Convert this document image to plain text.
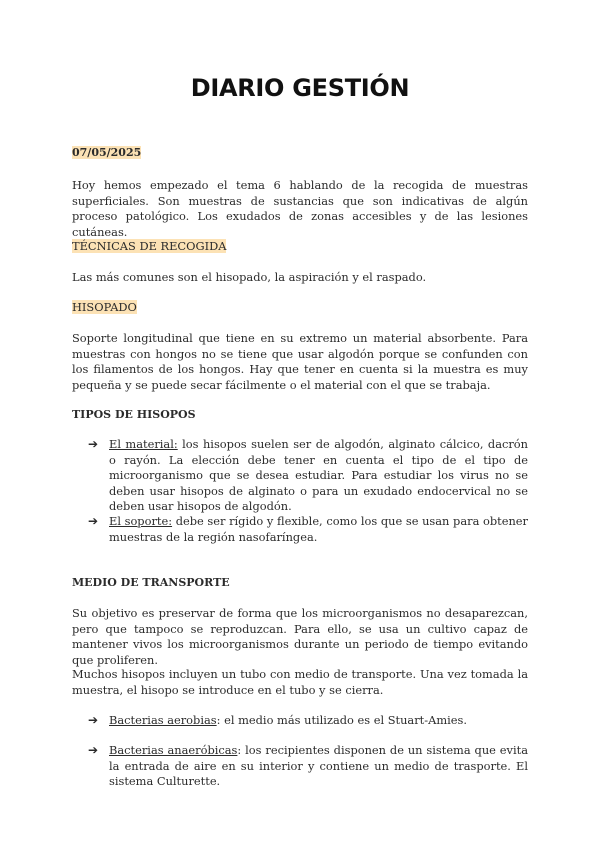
DIARIO GESTIÓN
07/05/2025
Hoy hemos empezado el tema 6 hablando de la recogida de muestras superficiales. Son muestras de sustancias que son indicativas de algún proceso patológico. Los exudados de zonas accesibles y de las lesiones cutáneas.
TÉCNICAS DE RECOGIDA
Las más comunes son el hisopado, la aspiración y el raspado.
HISOPADO
Soporte longitudinal que tiene en su extremo un material absorbente. Para muestras con hongos no se tiene que usar algodón porque se confunden con los filamentos de los hongos. Hay que tener en cuenta si la muestra es muy pequeña y se puede secar fácilmente o el material con el que se trabaja.
TIPOS DE HISOPOS
➔ El material: los hisopos suelen ser de algodón, alginato cálcico, dacrón o rayón. La elección debe tener en cuenta el tipo de el tipo de microorganismo que se desea estudiar. Para estudiar los virus no se deben usar hisopos de alginato o para un exudado endocervical no se deben usar hisopos de algodón.
➔ El soporte: debe ser rígido y flexible, como los que se usan para obtener muestras de la región nasofaríngea.
MEDIO DE TRANSPORTE
Su objetivo es preservar de forma que los microorganismos no desaparezcan, pero que tampoco se reproduzcan. Para ello, se usa un cultivo capaz de mantener vivos los microorganismos durante un periodo de tiempo evitando que proliferen.
Muchos hisopos incluyen un tubo con medio de transporte. Una vez tomada la muestra, el hisopo se introduce en el tubo y se cierra.
➔ Bacterias aerobias: el medio más utilizado es el Stuart-Amies.
➔ Bacterias anaeróbicas: los recipientes disponen de un sistema que evita la entrada de aire en su interior y contiene un medio de trasporte. El sistema Culturette.
